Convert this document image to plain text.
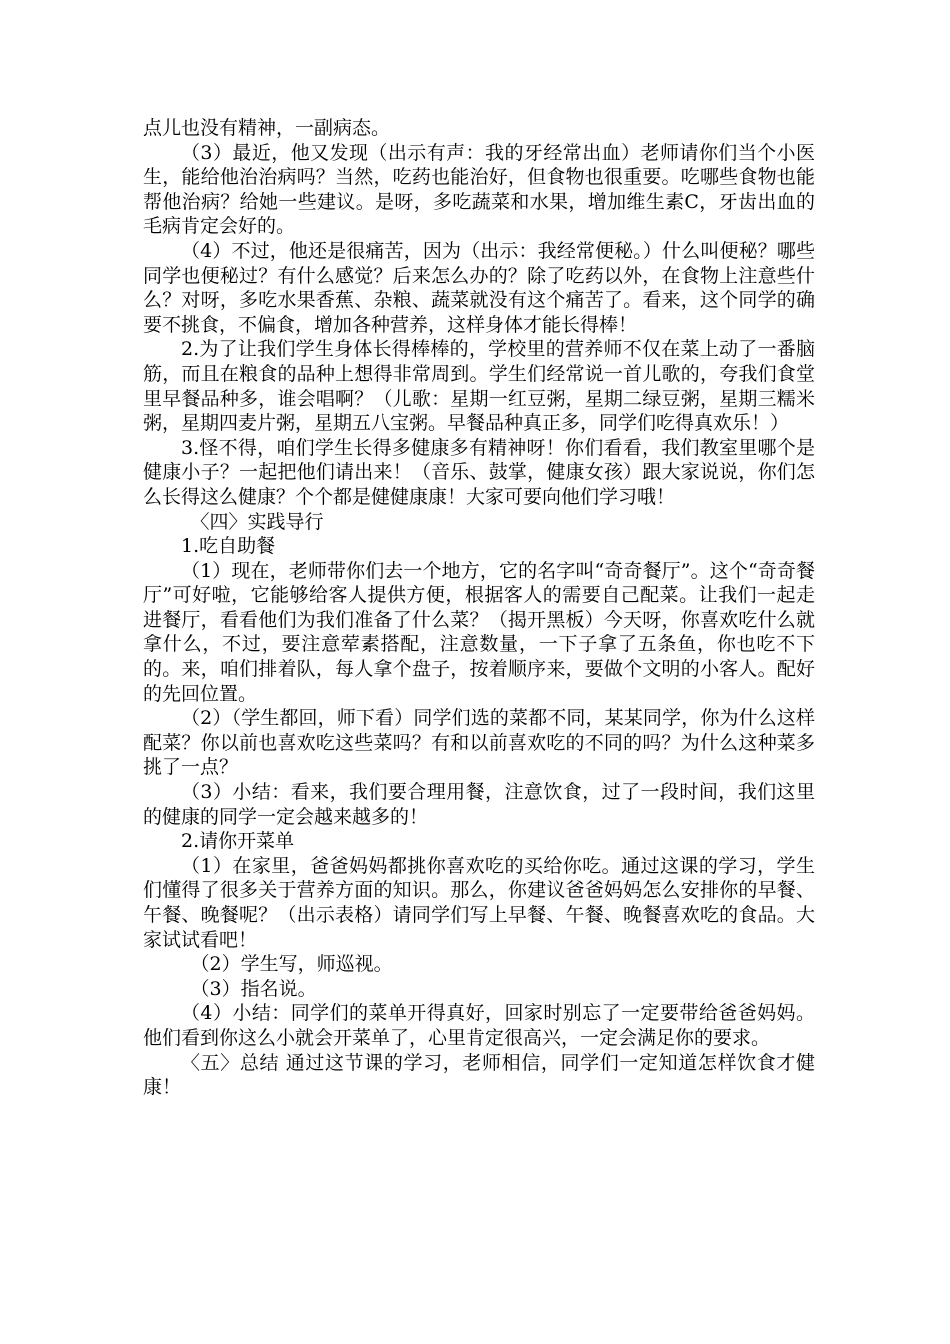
点儿也没有精神，一副病态。

（3）最近，他又发现（出示有声：我的牙经常出血）老师请你们当个小医生，能给他治治病吗？当然，吃药也能治好，但食物也很重要。吃哪些食物也能帮他治病？给她一些建议。是呀，多吃蔬菜和水果，增加维生素C，牙齿出血的毛病肯定会好的。

（4）不过，他还是很痛苦，因为（出示：我经常便秘。）什么叫便秘？哪些同学也便秘过？有什么感觉？后来怎么办的？除了吃药以外，在食物上注意些什么？对呀，多吃水果香蕉、杂粮、蔬菜就没有这个痛苦了。看来，这个同学的确要不挑食，不偏食，增加各种营养，这样身体才能长得棒！

2.为了让我们学生身体长得棒棒的，学校里的营养师不仅在菜上动了一番脑筋，而且在粮食的品种上想得非常周到。学生们经常说一首儿歌的，夸我们食堂里早餐品种多，谁会唱啊？（儿歌：星期一红豆粥，星期二绿豆粥，星期三糯米粥，星期四麦片粥，星期五八宝粥。早餐品种真正多，同学们吃得真欢乐！）

3.怪不得，咱们学生长得多健康多有精神呀！你们看看，我们教室里哪个是健康小子？一起把他们请出来！（音乐、鼓掌，健康女孩）跟大家说说，你们怎么长得这么健康？个个都是健健康康！大家可要向他们学习哦！

〈四〉实践导行

1.吃自助餐

（1）现在，老师带你们去一个地方，它的名字叫“奇奇餐厅”。这个“奇奇餐厅”可好啦，它能够给客人提供方便，根据客人的需要自己配菜。让我们一起走进餐厅，看看他们为我们准备了什么菜？（揭开黑板）今天呀，你喜欢吃什么就拿什么，不过，要注意荤素搭配，注意数量，一下子拿了五条鱼，你也吃不下的。来，咱们排着队，每人拿个盘子，按着顺序来，要做个文明的小客人。配好的先回位置。

（2）（学生都回，师下看）同学们选的菜都不同，某某同学，你为什么这样配菜？你以前也喜欢吃这些菜吗？有和以前喜欢吃的不同的吗？为什么这种菜多挑了一点？

（3）小结：看来，我们要合理用餐，注意饮食，过了一段时间，我们这里的健康的同学一定会越来越多的！

2.请你开菜单

（1）在家里，爸爸妈妈都挑你喜欢吃的买给你吃。通过这课的学习，学生们懂得了很多关于营养方面的知识。那么，你建议爸爸妈妈怎么安排你的早餐、午餐、晚餐呢？（出示表格）请同学们写上早餐、午餐、晚餐喜欢吃的食品。大家试试看吧！

（2）学生写，师巡视。

（3）指名说。

（4）小结：同学们的菜单开得真好，回家时别忘了一定要带给爸爸妈妈。他们看到你这么小就会开菜单了，心里肯定很高兴，一定会满足你的要求。

〈五〉总结 通过这节课的学习，老师相信，同学们一定知道怎样饮食才健康！
